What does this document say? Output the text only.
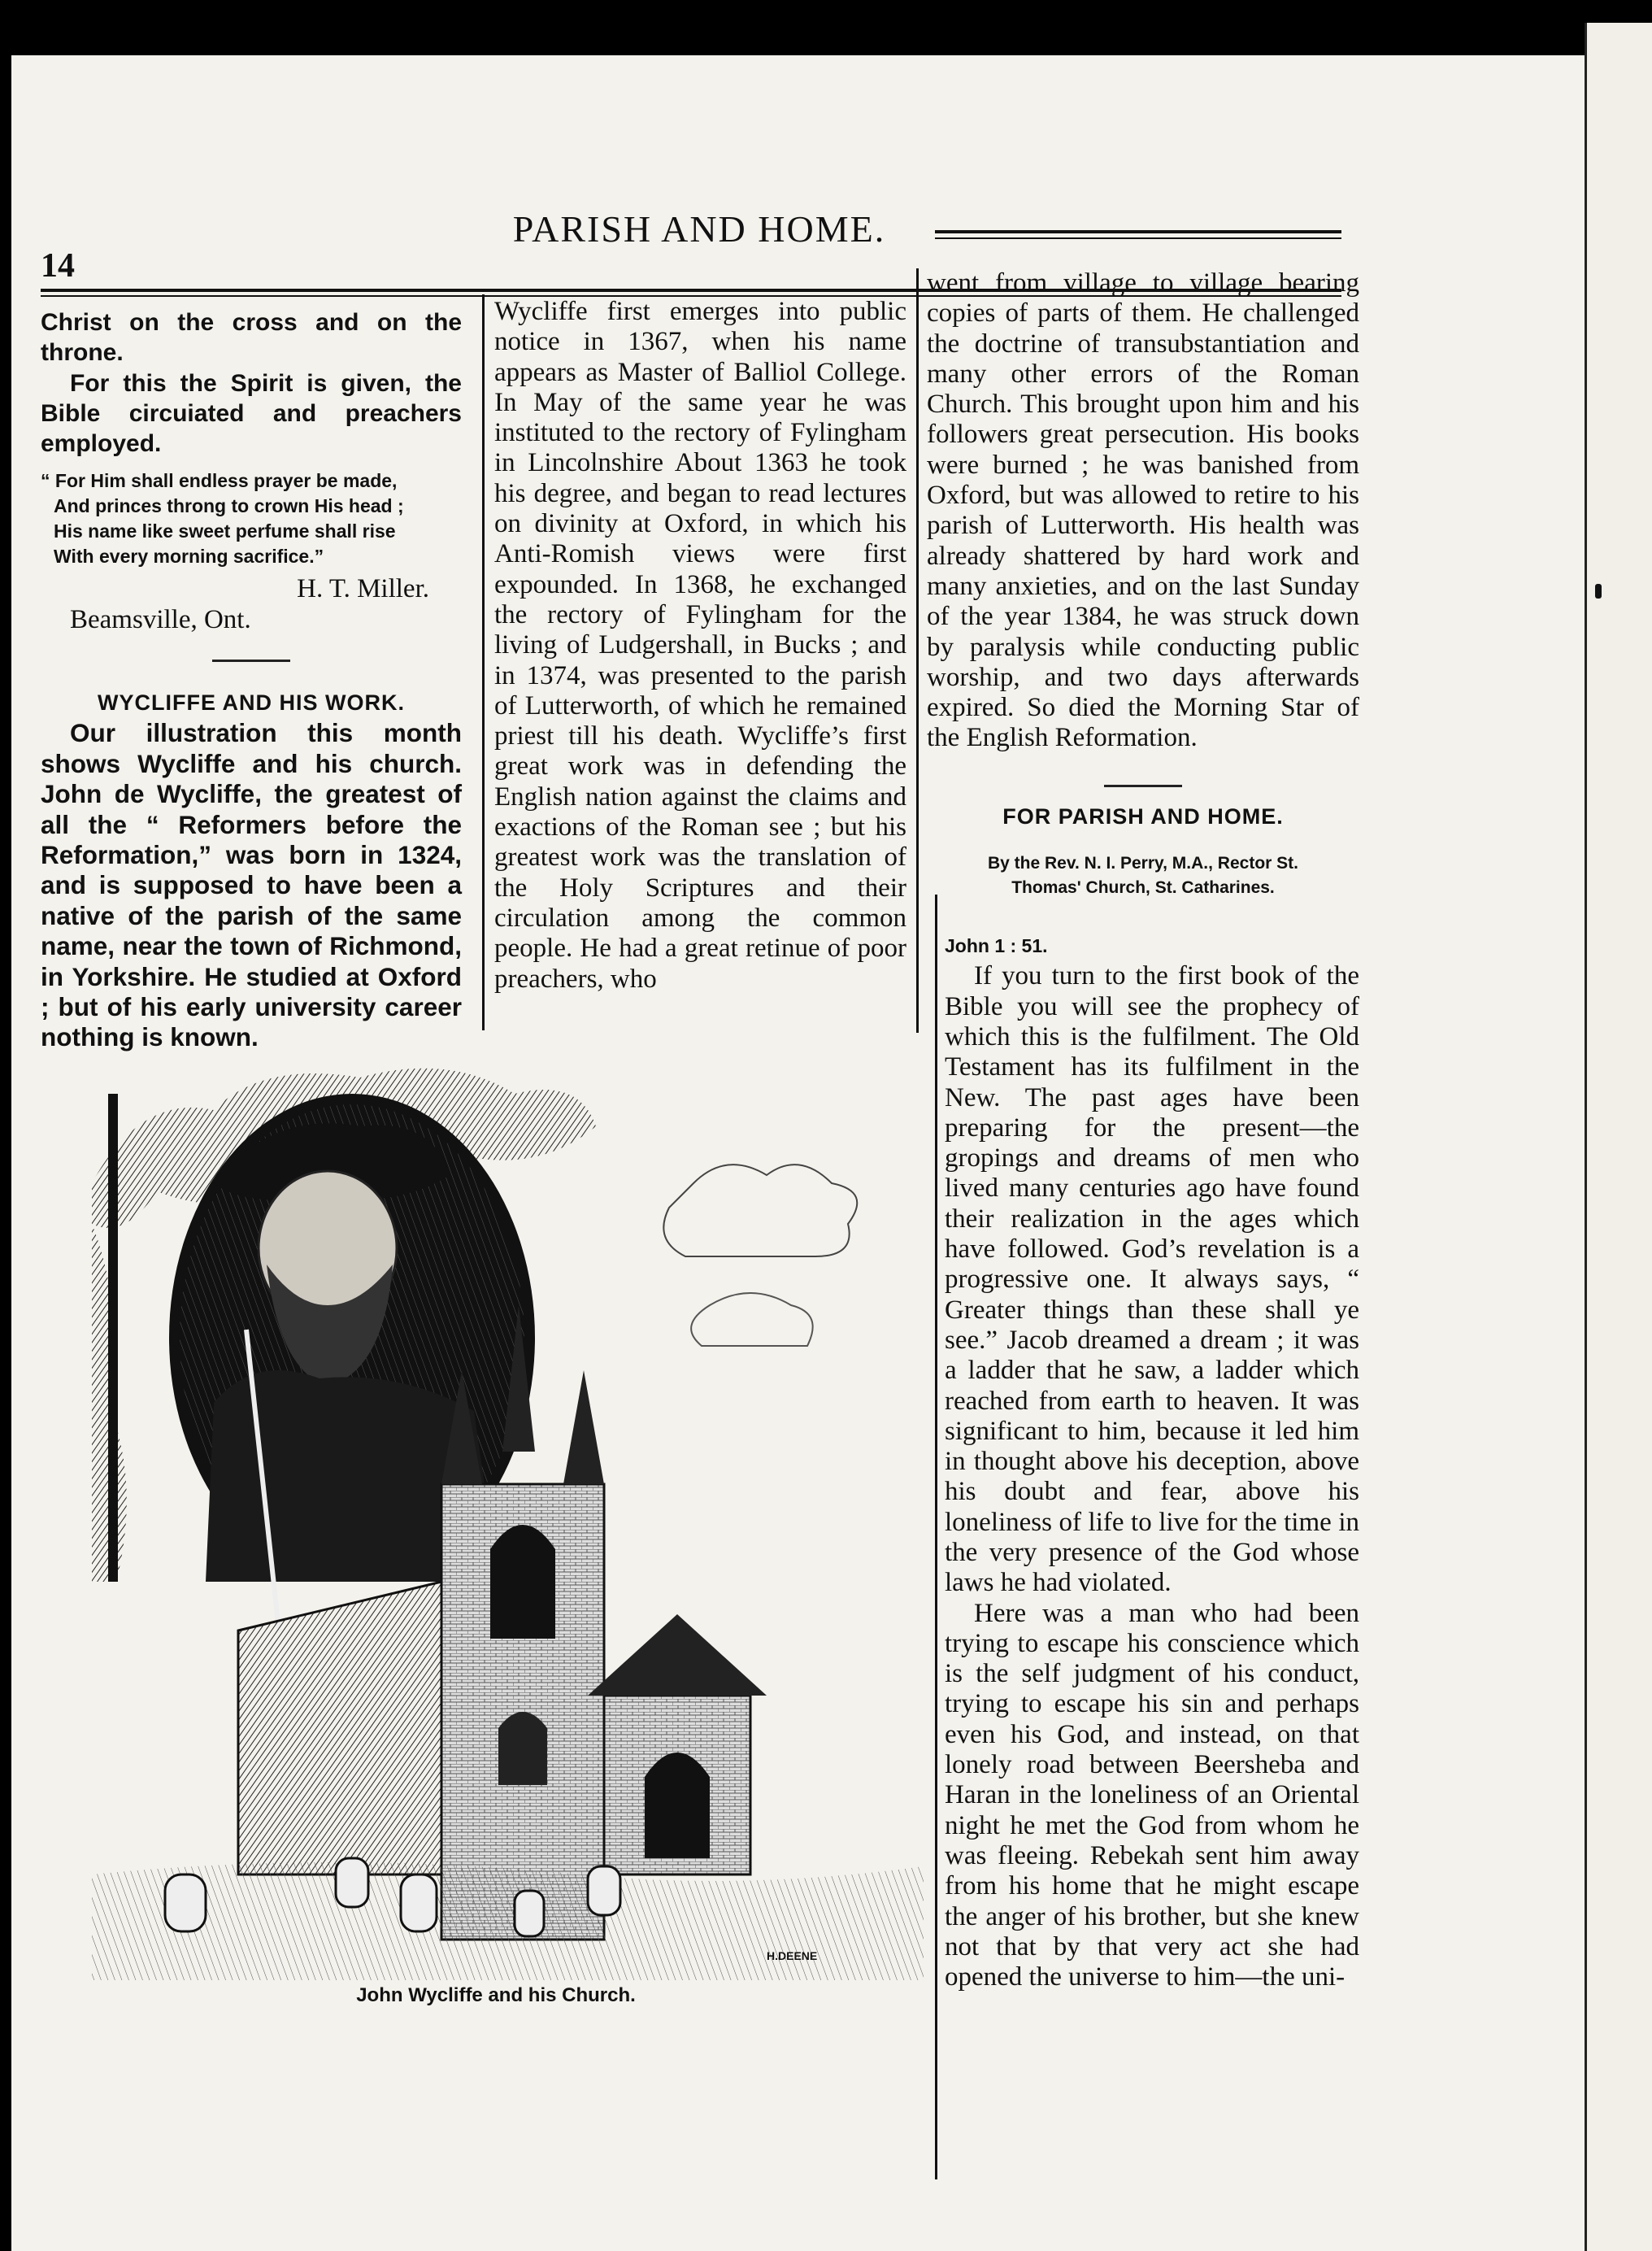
14
PARISH AND HOME.

Christ on the cross and on the throne.

For this the Spirit is given, the Bible circuiated and preachers employed.

“ For Him shall endless prayer be made,
And princes throng to crown His head ;
His name like sweet perfume shall rise
With every morning sacrifice.”

H. T. Miller.

Beamsville, Ont.

WYCLIFFE AND HIS WORK.

Our illustration this month shows Wycliffe and his church. John de Wycliffe, the greatest of all the “ Reformers before the Reformation,” was born in 1324, and is supposed to have been a native of the parish of the same name, near the town of Richmond, in Yorkshire. He studied at Oxford ; but of his early university career nothing is known.

Wycliffe first emerges into public notice in 1367, when his name appears as Master of Balliol College. In May of the same year he was instituted to the rectory of Fylingham in Lincolnshire About 1363 he took his degree, and began to read lectures on divinity at Oxford, in which his Anti-Romish views were first expounded. In 1368, he exchanged the rectory of Fylingham for the living of Ludgershall, in Bucks ; and in 1374, was presented to the parish of Lutterworth, of which he remained priest till his death. Wycliffe’s first great work was in defending the English nation against the claims and exactions of the Roman see ; but his greatest work was the translation of the Holy Scriptures and their circulation among the common people. He had a great retinue of poor preachers, who

went from village to village bearing copies of parts of them. He challenged the doctrine of transubstantiation and many other errors of the Roman Church. This brought upon him and his followers great persecution. His books were burned ; he was banished from Oxford, but was allowed to retire to his parish of Lutterworth. His health was already shattered by hard work and many anxieties, and on the last Sunday of the year 1384, he was struck down by paralysis while conducting public worship, and two days afterwards expired. So died the Morning Star of the English Reformation.

FOR PARISH AND HOME.

By the Rev. N. I. Perry, M.A., Rector St.
Thomas' Church, St. Catharines.

John 1 : 51.

If you turn to the first book of the Bible you will see the prophecy of which this is the fulfilment. The Old Testament has its fulfilment in the New. The past ages have been preparing for the present—the gropings and dreams of men who lived many centuries ago have found their realization in the ages which have followed. God’s revelation is a progressive one. It always says, “ Greater things than these shall ye see.” Jacob dreamed a dream ; it was a ladder that he saw, a ladder which reached from earth to heaven. It was significant to him, because it led him in thought above his deception, above his doubt and fear, above his loneliness of life to live for the time in the very presence of the God whose laws he had violated.

Here was a man who had been trying to escape his conscience which is the self judgment of his conduct, trying to escape his sin and perhaps even his God, and instead, on that lonely road between Beersheba and Haran in the loneliness of an Oriental night he met the God from whom he was fleeing. Rebekah sent him away from his home that he might escape the anger of his brother, but she knew not that by that very act she had opened the universe to him—the uni-

H.DEENE
John Wycliffe and his Church.
